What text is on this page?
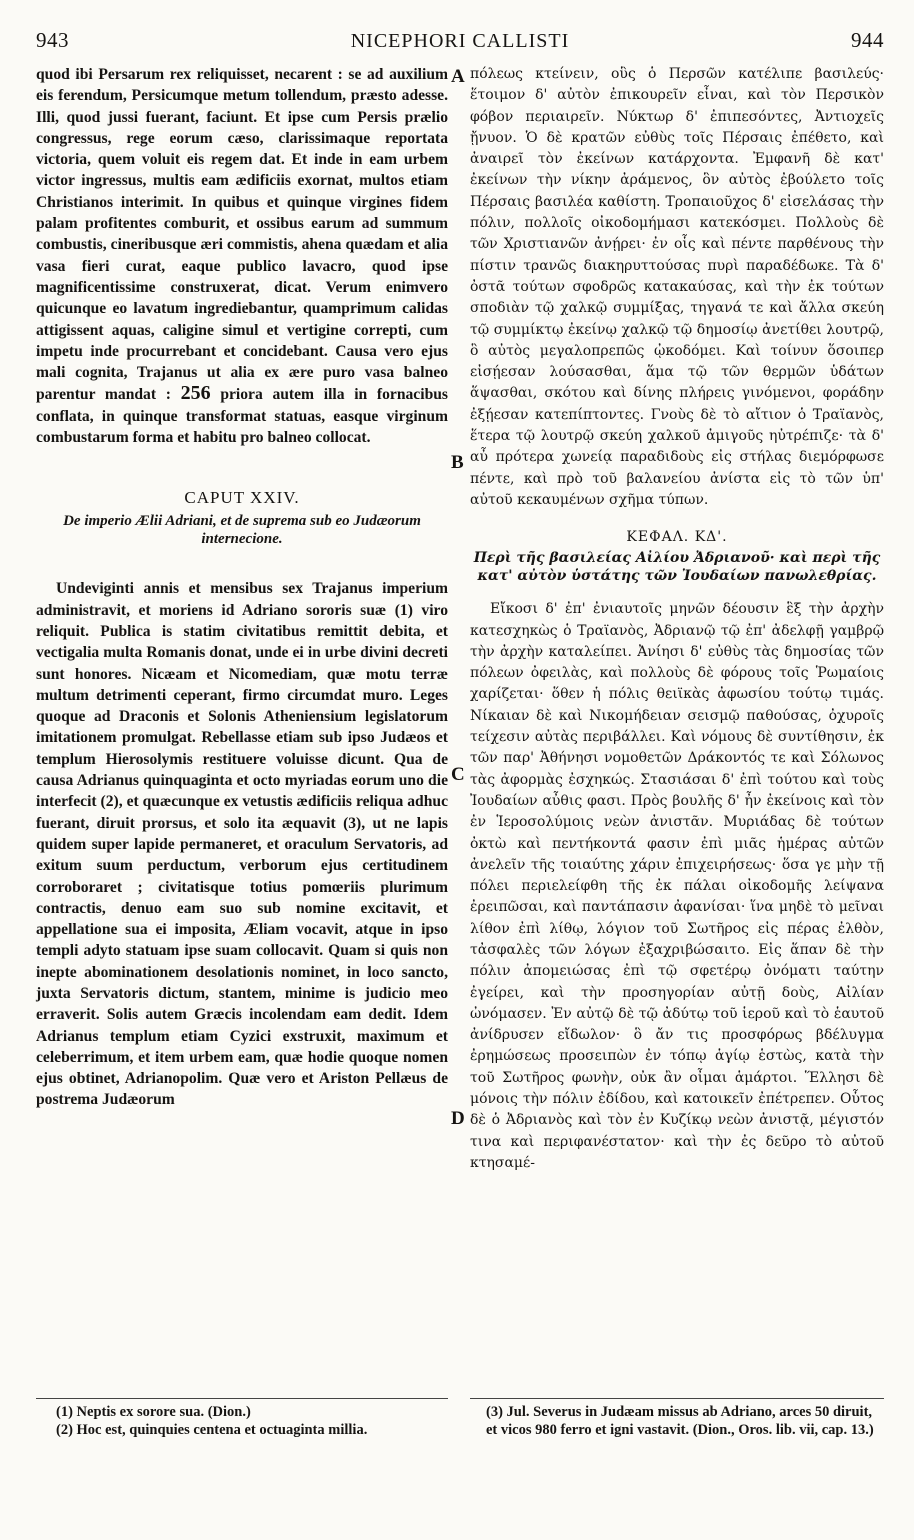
943	NICEPHORI CALLISTI	944
A
B
C
D

quod ibi Persarum rex reliquisset, necarent : se ad auxilium eis ferendum, Persicumque metum tollendum, præsto adesse. Illi, quod jussi fuerant, faciunt. Et ipse cum Persis prælio congressus, rege eorum cæso, clarissimaque reportata victoria, quem voluit eis regem dat. Et inde in eam urbem victor ingressus, multis eam ædificiis exornat, multos etiam Christianos interimit. In quibus et quinque virgines fidem palam profitentes comburit, et ossibus earum ad summum combustis, cineribusque æri commistis, ahena quædam et alia vasa fieri curat, eaque publico lavacro, quod ipse magnificentissime construxerat, dicat. Verum enimvero quicunque eo lavatum ingrediebantur, quamprimum calidas attigissent aquas, caligine simul et vertigine correpti, cum impetu inde procurrebant et concidebant. Causa vero ejus mali cognita, Trajanus ut alia ex ære puro vasa balneo parentur mandat : 256 priora autem illa in fornacibus conflata, in quinque transformat statuas, easque virginum combustarum forma et habitu pro balneo collocat.

CAPUT XXIV.

De imperio Ælii Adriani, et de suprema sub eo Judæorum internecione.

Undeviginti annis et mensibus sex Trajanus imperium administravit, et moriens id Adriano sororis suæ (1) viro reliquit. Publica is statim civitatibus remittit debita, et vectigalia multa Romanis donat, unde ei in urbe divini decreti sunt honores. Nicæam et Nicomediam, quæ motu terræ multum detrimenti ceperant, firmo circumdat muro. Leges quoque ad Draconis et Solonis Atheniensium legislatorum imitationem promulgat. Rebellasse etiam sub ipso Judæos et templum Hierosolymis restituere voluisse dicunt. Qua de causa Adrianus quinquaginta et octo myriadas eorum uno die interfecit (2), et quæcunque ex vetustis ædificiis reliqua adhuc fuerant, diruit prorsus, et solo ita æquavit (3), ut ne lapis quidem super lapide permaneret, et oraculum Servatoris, ad exitum suum perductum, verborum ejus certitudinem corroboraret ; civitatisque totius pomœriis plurimum contractis, denuo eam suo sub nomine excitavit, et appellatione sua ei imposita, Æliam vocavit, atque in ipso templi adyto statuam ipse suam collocavit. Quam si quis non inepte abominationem desolationis nominet, in loco sancto, juxta Servatoris dictum, stantem, minime is judicio meo erraverit. Solis autem Græcis incolendam eam dedit. Idem Adrianus templum etiam Cyzici exstruxit, maximum et celeberrimum, et item urbem eam, quæ hodie quoque nomen ejus obtinet, Adrianopolim. Quæ vero et Ariston Pellæus de postrema Judæorum

(1) Neptis ex sorore sua. (Dion.)

(2) Hoc est, quinquies centena et octuaginta millia.

πόλεως κτείνειν, οὓς ὁ Περσῶν κατέλιπε βασιλεύς· ἕτοιμον δ' αὐτὸν ἐπικουρεῖν εἶναι, καὶ τὸν Περσικὸν φόβον περιαιρεῖν. Νύκτωρ δ' ἐπιπεσόντες, Ἀντιοχεῖς ᾔνυον. Ὁ δὲ κρατῶν εὐθὺς τοῖς Πέρσαις ἐπέθετο, καὶ ἀναιρεῖ τὸν ἐκείνων κατάρχοντα. Ἐμφανῆ δὲ κατ' ἐκείνων τὴν νίκην ἀράμενος, ὃν αὐτὸς ἐβούλετο τοῖς Πέρσαις βασιλέα καθίστη. Τροπαιοῦχος δ' εἰσελάσας τὴν πόλιν, πολλοῖς οἰκοδομήμασι κατεκόσμει. Πολλοὺς δὲ τῶν Χριστιανῶν ἀνῄρει· ἐν οἷς καὶ πέντε παρθένους τὴν πίστιν τρανῶς διακηρυττούσας πυρὶ παραδέδωκε. Τὰ δ' ὀστᾶ τούτων σφοδρῶς κατακαύσας, καὶ τὴν ἐκ τούτων σποδιὰν τῷ χαλκῷ συμμίξας, τηγανά τε καὶ ἄλλα σκεύη τῷ συμμίκτῳ ἐκείνῳ χαλκῷ τῷ δημοσίῳ ἀνετίθει λουτρῷ, ὃ αὐτὸς μεγαλοπρεπῶς ᾠκοδόμει. Καὶ τοίνυν ὅσοιπερ εἰσῄεσαν λούσασθαι, ἅμα τῷ τῶν θερμῶν ὑδάτων ἅψασθαι, σκότου καὶ δίνης πλήρεις γινόμενοι, φοράδην ἐξῄεσαν κατεπίπτοντες. Γνοὺς δὲ τὸ αἴτιον ὁ Τραϊανὸς, ἕτερα τῷ λουτρῷ σκεύη χαλκοῦ ἀμιγοῦς ηὐτρέπιζε· τὰ δ' αὖ πρότερα χωνείᾳ παραδιδοὺς εἰς στήλας διεμόρφωσε πέντε, καὶ πρὸ τοῦ βαλανείου ἀνίστα εἰς τὸ τῶν ὑπ' αὐτοῦ κεκαυμένων σχῆμα τύπων.

ΚΕΦΑΛ. ΚΔ'.

Περὶ τῆς βασιλείας Αἰλίου Ἀδριανοῦ· καὶ περὶ τῆς κατ' αὐτὸν ὑστάτης τῶν Ἰουδαίων πανωλεθρίας.

Εἴκοσι δ' ἐπ' ἐνιαυτοῖς μηνῶν δέουσιν ἓξ τὴν ἀρχὴν κατεσχηκὼς ὁ Τραϊανὸς, Ἀδριανῷ τῷ ἐπ' ἀδελφῇ γαμβρῷ τὴν ἀρχὴν καταλείπει. Ἀνίησι δ' εὐθὺς τὰς δημοσίας τῶν πόλεων ὀφειλὰς, καὶ πολλοὺς δὲ φόρους τοῖς Ῥωμαίοις χαρίζεται· ὅθεν ἡ πόλις θειϊκὰς ἀφωσίου τούτῳ τιμάς. Νίκαιαν δὲ καὶ Νικομήδειαν σεισμῷ παθούσας, ὀχυροῖς τείχεσιν αὐτὰς περιβάλλει. Καὶ νόμους δὲ συντίθησιν, ἐκ τῶν παρ' Ἀθήνησι νομοθετῶν Δράκοντός τε καὶ Σόλωνος τὰς ἀφορμὰς ἐσχηκώς. Στασιάσαι δ' ἐπὶ τούτου καὶ τοὺς Ἰουδαίων αὖθις φασι. Πρὸς βουλῆς δ' ἦν ἐκείνοις καὶ τὸν ἐν Ἱεροσολύμοις νεὼν ἀνιστᾶν. Μυριάδας δὲ τούτων ὀκτὼ καὶ πεντήκοντά φασιν ἐπὶ μιᾶς ἡμέρας αὐτῶν ἀνελεῖν τῆς τοιαύτης χάριν ἐπιχειρήσεως· ὅσα γε μὴν τῇ πόλει περιελείφθη τῆς ἐκ πάλαι οἰκοδομῆς λείψανα ἐρειπῶσαι, καὶ παντάπασιν ἀφανίσαι· ἵνα μηδὲ τὸ μεῖναι λίθον ἐπὶ λίθῳ, λόγιον τοῦ Σωτῆρος εἰς πέρας ἐλθὸν, τἀσφαλὲς τῶν λόγων ἐξαχριβώσαιτο. Εἰς ἅπαν δὲ τὴν πόλιν ἀπομειώσας ἐπὶ τῷ σφετέρῳ ὀνόματι ταύτην ἐγείρει, καὶ τὴν προσηγορίαν αὐτῇ δοὺς, Αἰλίαν ὠνόμασεν. Ἐν αὐτῷ δὲ τῷ ἀδύτῳ τοῦ ἱεροῦ καὶ τὸ ἑαυτοῦ ἀνίδρυσεν εἴδωλον· ὃ ἄν τις προσφόρως βδέλυγμα ἐρημώσεως προσειπὼν ἐν τόπῳ ἁγίῳ ἑστὼς, κατὰ τὴν τοῦ Σωτῆρος φωνὴν, οὐκ ἂν οἶμαι ἁμάρτοι. Ἕλλησι δὲ μόνοις τὴν πόλιν ἐδίδου, καὶ κατοικεῖν ἐπέτρεπεν. Οὗτος δὲ ὁ Ἀδριανὸς καὶ τὸν ἐν Κυζίκῳ νεὼν ἀνιστᾷ, μέγιστόν τινα καὶ περιφανέστατον· καὶ τὴν ἐς δεῦρο τὸ αὐτοῦ κτησαμέ-

(3) Jul. Severus in Judæam missus ab Adriano, arces 50 diruit, et vicos 980 ferro et igni vastavit. (Dion., Oros. lib. vii, cap. 13.)
